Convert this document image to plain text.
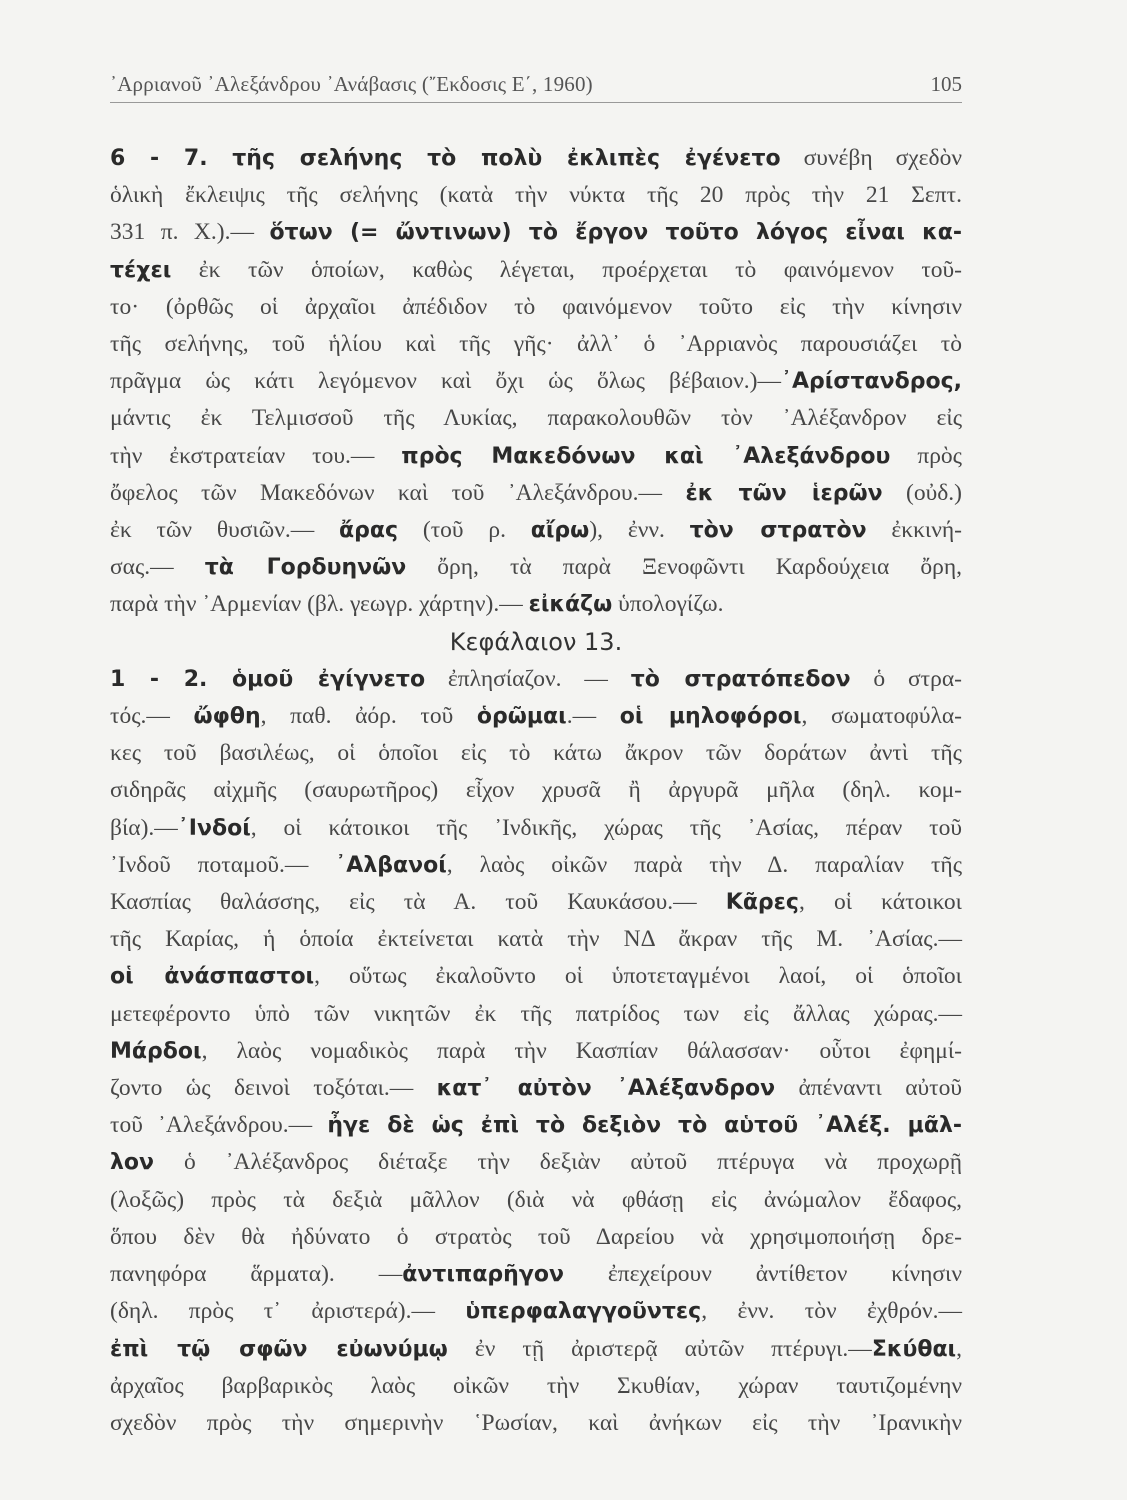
᾿Αρριανοῦ ᾿Αλεξάνδρου ᾿Ανάβασις (῎Εκδοσις Ε΄, 1960)	105
6 - 7. τῆς σελήνης τὸ πολὺ ἐκλιπὲς ἐγένετο συνέβη σχεδὸν
ὁλικὴ ἔκλειψις τῆς σελήνης (κατὰ τὴν νύκτα τῆς 20 πρὸς τὴν 21 Σεπτ.
331 π. Χ.).— ὅτων (= ὤντινων) τὸ ἔργον τοῦτο λόγος εἶναι κα-
τέχει ἐκ τῶν ὁποίων, καθὼς λέγεται, προέρχεται τὸ φαινόμενον τοῦ-
το· (ὀρθῶς οἱ ἀρχαῖοι ἀπέδιδον τὸ φαινόμενον τοῦτο εἰς τὴν κίνησιν
τῆς σελήνης, τοῦ ἡλίου καὶ τῆς γῆς· ἀλλ᾿ ὁ ᾿Αρριανὸς παρουσιάζει τὸ
πρᾶγμα ὡς κάτι λεγόμενον καὶ ὄχι ὡς ὅλως βέβαιον.)—᾿Αρίστανδρος,
μάντις ἐκ Τελμισσοῦ τῆς Λυκίας, παρακολουθῶν τὸν ᾿Αλέξανδρον εἰς
τὴν ἐκστρατείαν του.— πρὸς Μακεδόνων καὶ ᾿Αλεξάνδρου πρὸς
ὄφελος τῶν Μακεδόνων καὶ τοῦ ᾿Αλεξάνδρου.— ἐκ τῶν ἱερῶν (οὐδ.)
ἐκ τῶν θυσιῶν.— ἄρας (τοῦ ρ. αἴρω), ἐνν. τὸν στρατὸν ἐκκινή-
σας.— τὰ Γορδυηνῶν ὄρη, τὰ παρὰ Ξενοφῶντι Καρδούχεια ὄρη,
παρὰ τὴν ᾿Αρμενίαν (βλ. γεωγρ. χάρτην).— εἰκάζω ὑπολογίζω.
Κεφάλαιον 13.
1 - 2. ὁμοῦ ἐγίγνετο ἐπλησίαζον. — τὸ στρατόπεδον ὁ στρα-
τός.— ὤφθη, παθ. ἀόρ. τοῦ ὁρῶμαι.— οἱ μηλοφόροι, σωματοφύλα-
κες τοῦ βασιλέως, οἱ ὁποῖοι εἰς τὸ κάτω ἄκρον τῶν δοράτων ἀντὶ τῆς
σιδηρᾶς αἰχμῆς (σαυρωτῆρος) εἶχον χρυσᾶ ἢ ἀργυρᾶ μῆλα (δηλ. κομ-
βία).—᾿Ινδοί, οἱ κάτοικοι τῆς ᾿Ινδικῆς, χώρας τῆς ᾿Ασίας, πέραν τοῦ
᾿Ινδοῦ ποταμοῦ.— ᾿Αλβανοί, λαὸς οἰκῶν παρὰ τὴν Δ. παραλίαν τῆς
Κασπίας θαλάσσης, εἰς τὰ Α. τοῦ Καυκάσου.— Κᾶρες, οἱ κάτοικοι
τῆς Καρίας, ἡ ὁποία ἐκτείνεται κατὰ τὴν ΝΔ ἄκραν τῆς Μ. ᾿Ασίας.—
οἱ ἀνάσπαστοι, οὕτως ἐκαλοῦντο οἱ ὑποτεταγμένοι λαοί, οἱ ὁποῖοι
μετεφέροντο ὑπὸ τῶν νικητῶν ἐκ τῆς πατρίδος των εἰς ἄλλας χώρας.—
Μάρδοι, λαὸς νομαδικὸς παρὰ τὴν Κασπίαν θάλασσαν· οὗτοι ἐφημί-
ζοντο ὡς δεινοὶ τοξόται.— κατ᾿ αὐτὸν ᾿Αλέξανδρον ἀπέναντι αὐτοῦ
τοῦ ᾿Αλεξάνδρου.— ἦγε δὲ ὡς ἐπὶ τὸ δεξιὸν τὸ αὑτοῦ ᾿Αλέξ. μᾶλ-
λον ὁ ᾿Αλέξανδρος διέταξε τὴν δεξιὰν αὐτοῦ πτέρυγα νὰ προχωρῇ
(λοξῶς) πρὸς τὰ δεξιὰ μᾶλλον (διὰ νὰ φθάσῃ εἰς ἀνώμαλον ἔδαφος,
ὅπου δὲν θὰ ἠδύνατο ὁ στρατὸς τοῦ Δαρείου νὰ χρησιμοποιήσῃ δρε-
πανηφόρα ἅρματα). —ἀντιπαρῆγον ἐπεχείρουν ἀντίθετον κίνησιν
(δηλ. πρὸς τ᾿ ἀριστερά).— ὑπερφαλαγγοῦντες, ἐνν. τὸν ἐχθρόν.—
ἐπὶ τῷ σφῶν εὐωνύμῳ ἐν τῇ ἀριστερᾷ αὐτῶν πτέρυγι.—Σκύθαι,
ἀρχαῖος βαρβαρικὸς λαὸς οἰκῶν τὴν Σκυθίαν, χώραν ταυτιζομένην
σχεδὸν πρὸς τὴν σημερινὴν ῾Ρωσίαν, καὶ ἀνήκων εἰς τὴν ᾿Ιρανικὴν
